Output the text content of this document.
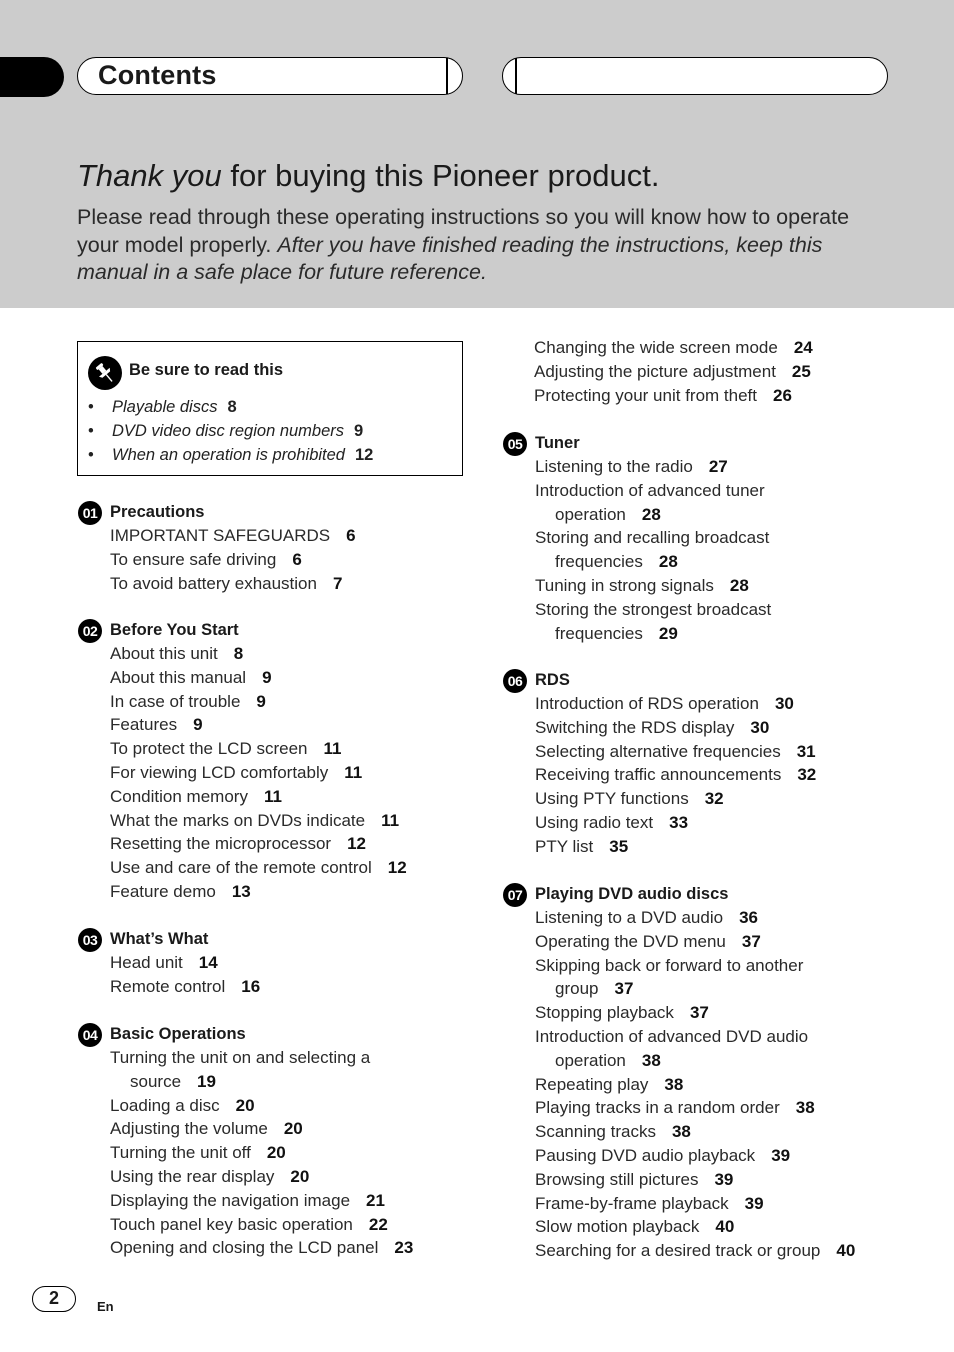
Contents
Thank you for buying this Pioneer product.
Please read through these operating instructions so you will know how to operate your model properly. After you have finished reading the instructions, keep this manual in a safe place for future reference.
Be sure to read this
• Playable discs 8
• DVD video disc region numbers 9
• When an operation is prohibited 12
2	En
01 Precautions
IMPORTANT SAFEGUARDS 6
To ensure safe driving 6
To avoid battery exhaustion 7
02 Before You Start
About this unit 8
About this manual 9
In case of trouble 9
Features 9
To protect the LCD screen 11
For viewing LCD comfortably 11
Condition memory 11
What the marks on DVDs indicate 11
Resetting the microprocessor 12
Use and care of the remote control 12
Feature demo 13
03 What’s What
Head unit 14
Remote control 16
04 Basic Operations
Turning the unit on and selecting a
source 19
Loading a disc 20
Adjusting the volume 20
Turning the unit off 20
Using the rear display 20
Displaying the navigation image 21
Touch panel key basic operation 22
Opening and closing the LCD panel 23
Changing the wide screen mode 24
Adjusting the picture adjustment 25
Protecting your unit from theft 26
05 Tuner
Listening to the radio 27
Introduction of advanced tuner
operation 28
Storing and recalling broadcast
frequencies 28
Tuning in strong signals 28
Storing the strongest broadcast
frequencies 29
06 RDS
Introduction of RDS operation 30
Switching the RDS display 30
Selecting alternative frequencies 31
Receiving traffic announcements 32
Using PTY functions 32
Using radio text 33
PTY list 35
07 Playing DVD audio discs
Listening to a DVD audio 36
Operating the DVD menu 37
Skipping back or forward to another
group 37
Stopping playback 37
Introduction of advanced DVD audio
operation 38
Repeating play 38
Playing tracks in a random order 38
Scanning tracks 38
Pausing DVD audio playback 39
Browsing still pictures 39
Frame-by-frame playback 39
Slow motion playback 40
Searching for a desired track or group 40
